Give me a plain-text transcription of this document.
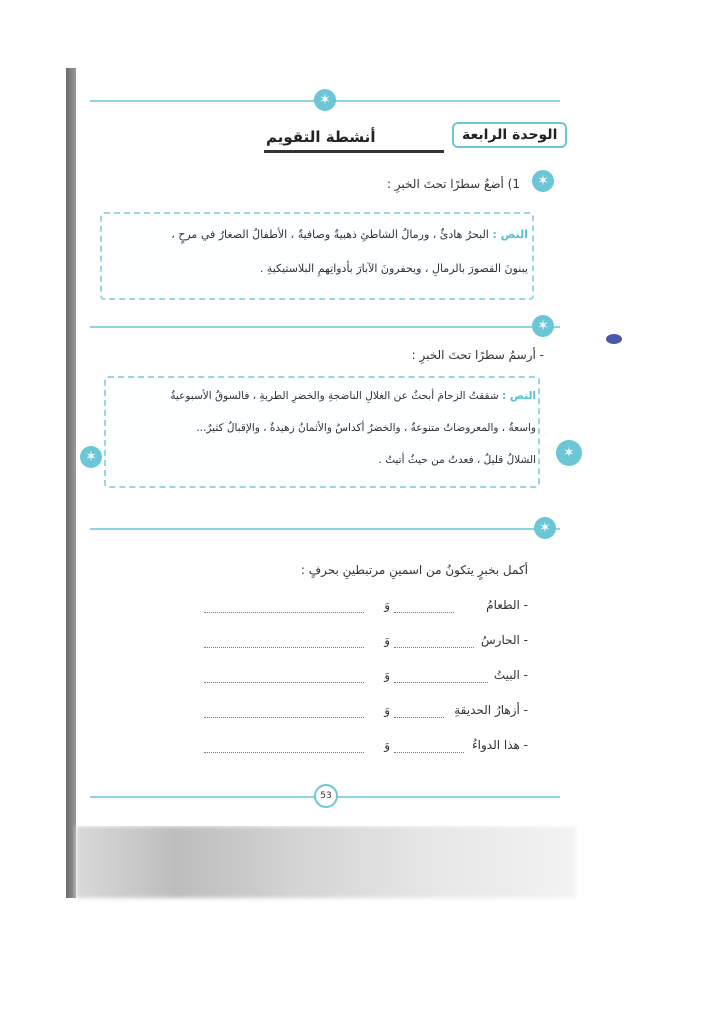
✶
الوحدة الرابعة
أنشطة التقويم
✶
1) أضعُ سطرًا تحتَ الخبرِ :
النص : البحرُ هادئٌ ، ورمالُ الشاطئِ ذهبيةٌ وصافيةٌ ، الأطفالُ الصغارُ في مرحٍ ،
يبنونَ القصورَ بالرمالِ ، ويحفرونَ الآبارَ بأدواتِهمِ البلاستيكيةِ .
✶
- أرسمُ سطرًا تحتَ الخبرِ :
النص : شققتُ الزحامَ أبحثُ عن الغلالِ الناضجةِ والخضرِ الطريةِ ، فالسوقُ الأسبوعيةُ
واسعةٌ ، والمعروضاتُ متنوعةٌ ، والخضرُ أكداسٌ والأثمانُ زهيدةٌ ، والإقبالُ كثيرٌ...
الشلالُ قليلٌ ، فعدتُ من حيثُ أتيتُ .
✶	✶
✶
أكمل بخبرٍ يتكونُ من اسمينِ مرتبطينِ بحرفٍ :
- الطعامُ
وَ
- الحارسُ
وَ
- البيتُ
وَ
- أزهارُ الحديقةِ
وَ
- هذا الدواءُ
وَ
53
